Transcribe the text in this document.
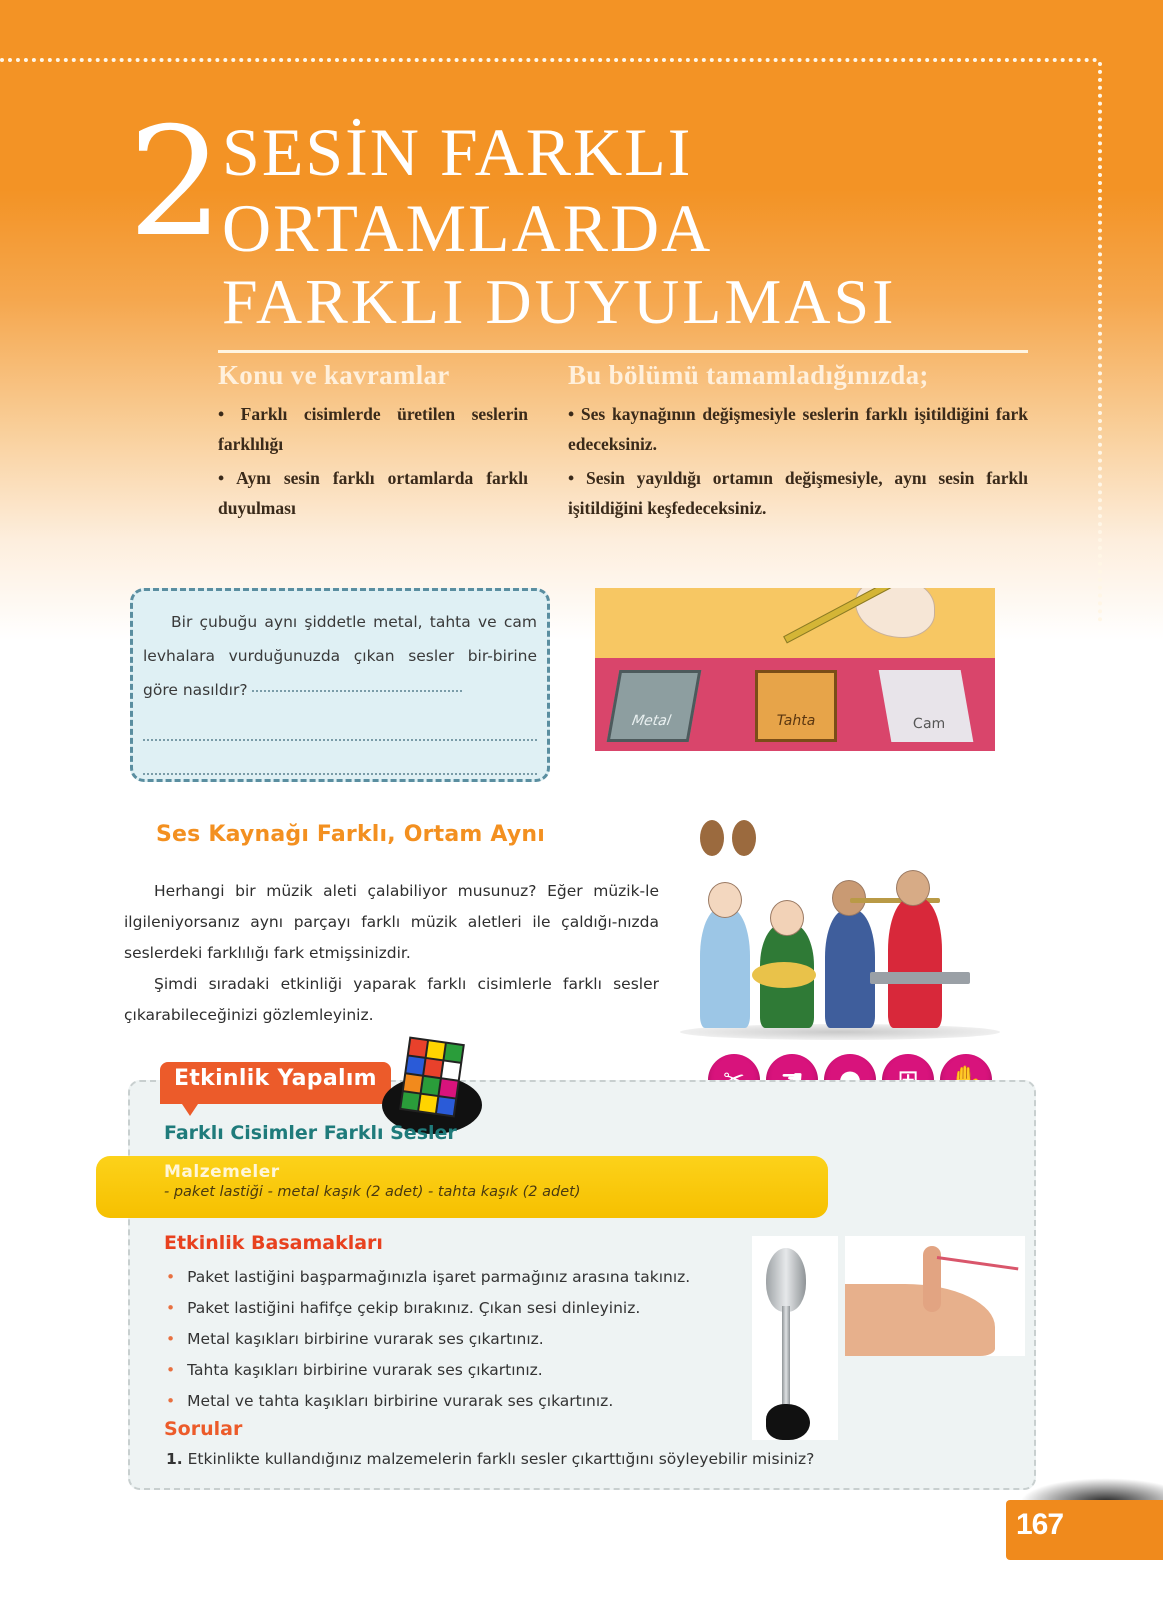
2
SESİN FARKLI
ORTAMLARDA
FARKLI DUYULMASI
Konu ve kavramlar
• Farklı cisimlerde üretilen seslerin farklılığı
• Aynı sesin farklı ortamlarda farklı duyulması
Bu bölümü tamamladığınızda;
• Ses kaynağının değişmesiyle seslerin farklı işitildiğini fark edeceksiniz.
• Sesin yayıldığı ortamın değişmesiyle, aynı sesin farklı işitildiğini keşfedeceksiniz.
Bir çubuğu aynı şiddetle metal, tahta ve cam levhalara vurduğunuzda çıkan sesler bir-birine göre nasıldır?
Metal	Tahta	Cam
Ses Kaynağı Farklı, Ortam Aynı

Herhangi bir müzik aleti çalabiliyor musunuz? Eğer müzik-le ilgileniyorsanız aynı parçayı farklı müzik aletleri ile çaldığı-nızda seslerdeki farklılığı fark etmişsinizdir.

Şimdi sıradaki etkinliği yaparak farklı cisimlerle farklı sesler çıkarabileceğinizi gözlemleyiniz.

Etkinlik Yapalım
Farklı Cisimler Farklı Sesler
Malzemeler
- paket lastiği - metal kaşık (2 adet) - tahta kaşık (2 adet)
Etkinlik Basamakları
• Paket lastiğini başparmağınızla işaret parmağınız arasına takınız.
• Paket lastiğini hafifçe çekip bırakınız. Çıkan sesi dinleyiniz.
• Metal kaşıkları birbirine vurarak ses çıkartınız.
• Tahta kaşıkları birbirine vurarak ses çıkartınız.
• Metal ve tahta kaşıkları birbirine vurarak ses çıkartınız.
Sorular
1. Etkinlikte kullandığınız malzemelerin farklı sesler çıkarttığını söyleyebilir misiniz?
167
